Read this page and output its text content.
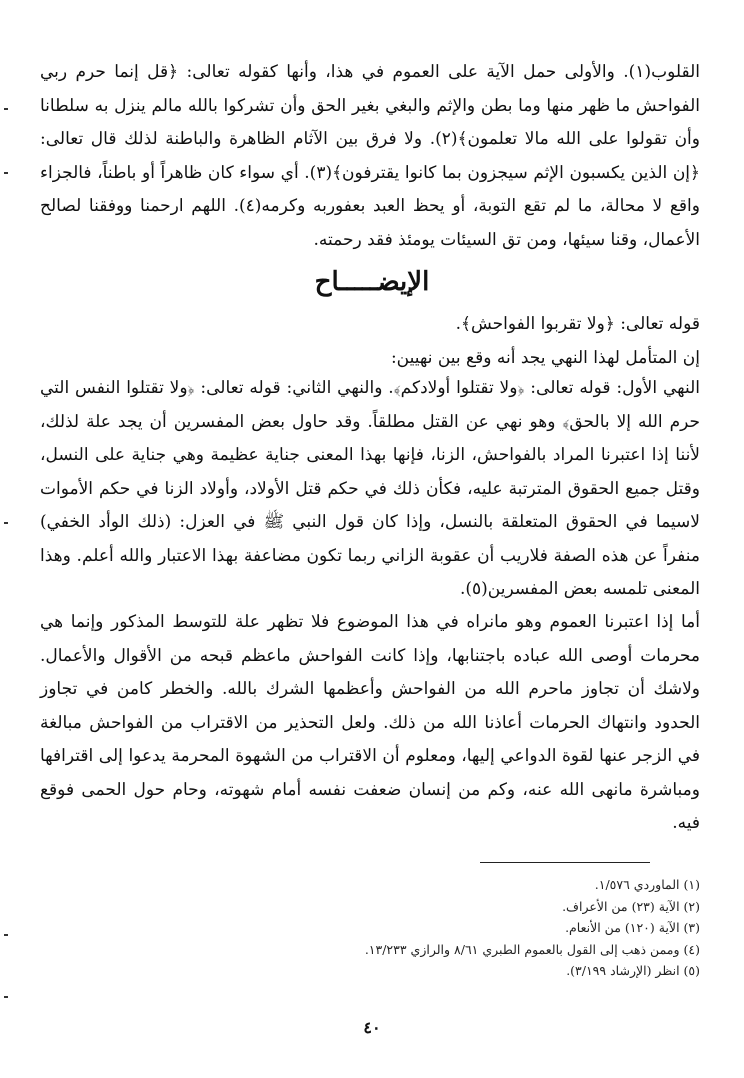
القلوب(١). والأولى حمل الآية على العموم في هذا، وأنها كقوله تعالى: ﴿قل إنما حرم ربي الفواحش ما ظهر منها وما بطن والإثم والبغي بغير الحق وأن تشركوا بالله مالم ينزل به سلطانا وأن تقولوا على الله مالا تعلمون﴾(٢). ولا فرق بين الآثام الظاهرة والباطنة لذلك قال تعالى: ﴿إن الذين يكسبون الإثم سيجزون بما كانوا يقترفون﴾(٣). أي سواء كان ظاهراً أو باطناً، فالجزاء واقع لا محالة، ما لم تقع التوبة، أو يحظ العبد بعفوربه وكرمه(٤). اللهم ارحمنا ووفقنا لصالح الأعمال، وقنا سيئها، ومن تق السيئات يومئذ فقد رحمته.

الإيضـــــاح

قوله تعالى: ﴿ولا تقربوا الفواحش﴾.

إن المتأمل لهذا النهي يجد أنه وقع بين نهيين:

النهي الأول: قوله تعالى: ﴿ولا تقتلوا أولادكم﴾. والنهي الثاني: قوله تعالى: ﴿ولا تقتلوا النفس التي حرم الله إلا بالحق﴾ وهو نهي عن القتل مطلقاً. وقد حاول بعض المفسرين أن يجد علة لذلك، لأننا إذا اعتبرنا المراد بالفواحش، الزنا، فإنها بهذا المعنى جناية عظيمة وهي جناية على النسل، وقتل جميع الحقوق المترتبة عليه، فكأن ذلك في حكم قتل الأولاد، وأولاد الزنا في حكم الأموات لاسيما في الحقوق المتعلقة بالنسل، وإذا كان قول النبي ﷺ في العزل: (ذلك الوأد الخفي) منفراً عن هذه الصفة فلاريب أن عقوبة الزاني ربما تكون مضاعفة بهذا الاعتبار والله أعلم. وهذا المعنى تلمسه بعض المفسرين(٥).

أما إذا اعتبرنا العموم وهو مانراه في هذا الموضوع فلا تظهر علة للتوسط المذكور وإنما هي محرمات أوصى الله عباده باجتنابها، وإذا كانت الفواحش ماعظم قبحه من الأقوال والأعمال. ولاشك أن تجاوز ماحرم الله من الفواحش وأعظمها الشرك بالله. والخطر كامن في تجاوز الحدود وانتهاك الحرمات أعاذنا الله من ذلك. ولعل التحذير من الاقتراب من الفواحش مبالغة في الزجر عنها لقوة الدواعي إليها، ومعلوم أن الاقتراب من الشهوة المحرمة يدعوا إلى اقترافها ومباشرة مانهى الله عنه، وكم من إنسان ضعفت نفسه أمام شهوته، وحام حول الحمى فوقع فيه.

(١) الماوردي ١/٥٧٦.
(٢) الآية (٢٣) من الأعراف.
(٣) الآية (١٢٠) من الأنعام.
(٤) وممن ذهب إلى القول بالعموم الطبري ٨/٦١ والرازي ١٣/٢٣٣.
(٥) انظر (الإرشاد ٣/١٩٩).
٤٠
